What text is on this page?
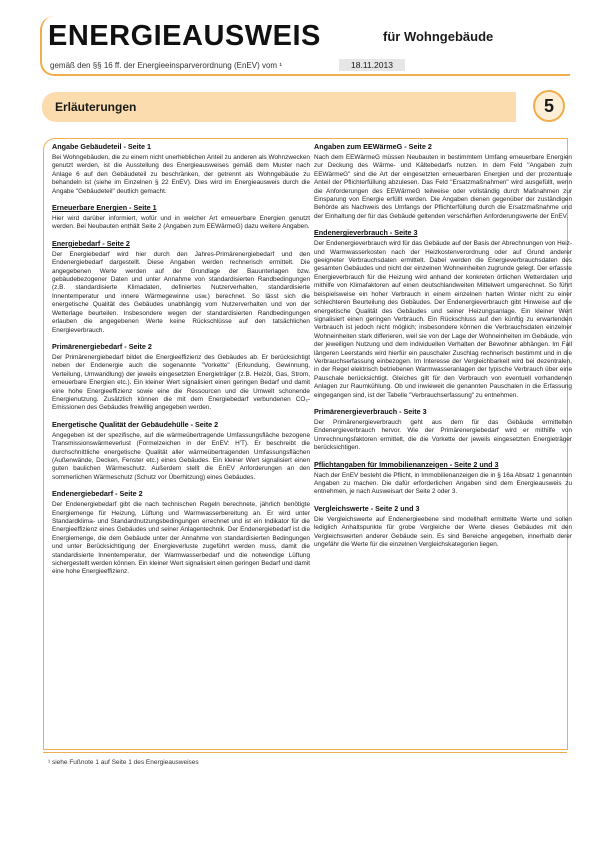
ENERGIEAUSWEIS	für Wohngebäude
gemäß den §§ 16 ff. der Energieeinsparverordnung (EnEV) vom ¹	18.11.2013
Erläuterungen	5
Angabe Gebäudeteil - Seite 1

Bei Wohngebäuden, die zu einem nicht unerheblichen Anteil zu anderen als Wohnzwecken genutzt werden, ist die Ausstellung des Energieausweises gemäß dem Muster nach Anlage 6 auf den Gebäudeteil zu beschränken, der getrennt als Wohngebäude zu behandeln ist (siehe im Einzelnen § 22 EnEV). Dies wird im Energieausweis durch die Angabe "Gebäudeteil" deutlich gemacht.

Erneuerbare Energien - Seite 1

Hier wird darüber informiert, wofür und in welcher Art erneuerbare Energien genutzt werden. Bei Neubauten enthält Seite 2 (Angaben zum EEWärmeG) dazu weitere Angaben.

Energiebedarf - Seite 2

Der Energiebedarf wird hier durch den Jahres-Primärenergiebedarf und den Endenergiebedarf dargestellt. Diese Angaben werden rechnerisch ermittelt. Die angegebenen Werte werden auf der Grundlage der Bauunterlagen bzw. gebäudebezogener Daten und unter Annahme von standardisierten Randbedingungen (z.B. standardisierte Klimadaten, definiertes Nutzerverhalten, standardisierte Innentemperatur und innere Wärmegewinne usw.) berechnet. So lässt sich die energetische Qualität des Gebäudes unabhängig vom Nutzerverhalten und von der Wetterlage beurteilen. Insbesondere wegen der standardisierten Randbedingungen erlauben die angegebenen Werte keine Rückschlüsse auf den tatsächlichen Energieverbrauch.

Primärenergiebedarf - Seite 2

Der Primärenergiebedarf bildet die Energieeffizienz des Gebäudes ab. Er berücksichtigt neben der Endenergie auch die sogenannte "Vorkette" (Erkundung, Gewinnung, Verteilung, Umwandlung) der jeweils eingesetzten Energieträger (z.B. Heizöl, Gas, Strom, erneuerbare Energien etc.). Ein kleiner Wert signalisiert einen geringen Bedarf und damit eine hohe Energieeffizienz sowie eine die Ressourcen und die Umwelt schonende Energienutzung. Zusätzlich können die mit dem Energiebedarf verbundenen CO₂-Emissionen des Gebäudes freiwillig angegeben werden.

Energetische Qualität der Gebäudehülle - Seite 2

Angegeben ist der spezifische, auf die wärmeübertragende Umfassungsfläche bezogene Transmissionswärmeverlust (Formelzeichen in der EnEV: H'T). Er beschreibt die durchschnittliche energetische Qualität aller wärmeübertragenden Umfassungsflächen (Außenwände, Decken, Fenster etc.) eines Gebäudes. Ein kleiner Wert signalisiert einen guten baulichen Wärmeschutz. Außerdem stellt die EnEV Anforderungen an den sommerlichen Wärmeschutz (Schutz vor Überhitzung) eines Gebäudes.

Endenergiebedarf - Seite 2

Der Endenergiebedarf gibt die nach technischen Regeln berechnete, jährlich benötigte Energiemenge für Heizung, Lüftung und Warmwasserbereitung an. Er wird unter Standardklima- und Standardnutzungsbedingungen errechnet und ist ein Indikator für die Energieeffizienz eines Gebäudes und seiner Anlagentechnik. Der Endenergiebedarf ist die Energiemenge, die dem Gebäude unter der Annahme von standardisierten Bedingungen und unter Berücksichtigung der Energieverluste zugeführt werden muss, damit die standardisierte Innentemperatur, der Warmwasserbedarf und die notwendige Lüftung sichergestellt werden können. Ein kleiner Wert signalisiert einen geringen Bedarf und damit eine hohe Energieeffizienz.

Angaben zum EEWärmeG - Seite 2

Nach dem EEWärmeG müssen Neubauten in bestimmtem Umfang erneuerbare Energien zur Deckung des Wärme- und Kältebedarfs nutzen. In dem Feld "Angaben zum EEWärmeG" sind die Art der eingesetzten erneuerbaren Energien und der prozentuale Anteil der Pflichterfüllung abzulesen. Das Feld "Ersatzmaßnahmen" wird ausgefüllt, wenn die Anforderungen des EEWärmeG teilweise oder vollständig durch Maßnahmen zur Einsparung von Energie erfüllt werden. Die Angaben dienen gegenüber der zuständigen Behörde als Nachweis des Umfangs der Pflichterfüllung durch die Ersatzmaßnahme und der Einhaltung der für das Gebäude geltenden verschärften Anforderungswerte der EnEV.

Endenergieverbrauch - Seite 3

Der Endenergieverbrauch wird für das Gebäude auf der Basis der Abrechnungen von Heiz- und Warmwasserkosten nach der Heizkostenverordnung oder auf Grund anderer geeigneter Verbrauchsdaten ermittelt. Dabei werden die Energieverbrauchsdaten des gesamten Gebäudes und nicht der einzelnen Wohneinheiten zugrunde gelegt. Der erfasste Energieverbrauch für die Heizung wird anhand der konkreten örtlichen Wetterdaten und mithilfe von Klimafaktoren auf einen deutschlandweiten Mittelwert umgerechnet. So führt beispielsweise ein hoher Verbrauch in einem einzelnen harten Winter nicht zu einer schlechteren Beurteilung des Gebäudes. Der Endenergieverbrauch gibt Hinweise auf die energetische Qualität des Gebäudes und seiner Heizungsanlage. Ein kleiner Wert signalisiert einen geringen Verbrauch. Ein Rückschluss auf den künftig zu erwartenden Verbrauch ist jedoch nicht möglich; insbesondere können die Verbrauchsdaten einzelner Wohneinheiten stark differieren, weil sie von der Lage der Wohneinheiten im Gebäude, von der jeweiligen Nutzung und dem individuellen Verhalten der Bewohner abhängen. Im Fall längeren Leerstands wird hierfür ein pauschaler Zuschlag rechnerisch bestimmt und in die Verbrauchserfassung einbezogen. Im Interesse der Vergleichbarkeit wird bei dezentralen, in der Regel elektrisch betriebenen Warmwasseranlagen der typische Verbrauch über eine Pauschale berücksichtigt. Gleiches gilt für den Verbrauch von eventuell vorhandenen Anlagen zur Raumkühlung. Ob und inwieweit die genannten Pauschalen in die Erfassung eingegangen sind, ist der Tabelle "Verbrauchserfassung" zu entnehmen.

Primärenergieverbrauch - Seite 3

Der Primärenergieverbrauch geht aus dem für das Gebäude ermittelten Endenergieverbrauch hervor. Wie der Primärenergiebedarf wird er mithilfe von Umrechnungsfaktoren ermittelt, die die Vorkette der jeweils eingesetzten Energieträger berücksichtigen.

Pflichtangaben für Immobilienanzeigen - Seite 2 und 3

Nach der EnEV besteht die Pflicht, in Immobilienanzeigen die in § 16a Absatz 1 genannten Angaben zu machen. Die dafür erforderlichen Angaben sind dem Energieausweis zu entnehmen, je nach Ausweisart der Seite 2 oder 3.

Vergleichswerte - Seite 2 und 3

Die Vergleichswerte auf Endenergieebene sind modellhaft ermittelte Werte und sollen lediglich Anhaltspunkte für grobe Vergleiche der Werte dieses Gebäudes mit den Vergleichswerten anderer Gebäude sein. Es sind Bereiche angegeben, innerhalb derer ungefähr die Werte für die einzelnen Vergleichskategorien liegen.

¹ siehe Fußnote 1 auf Seite 1 des Energieausweises
